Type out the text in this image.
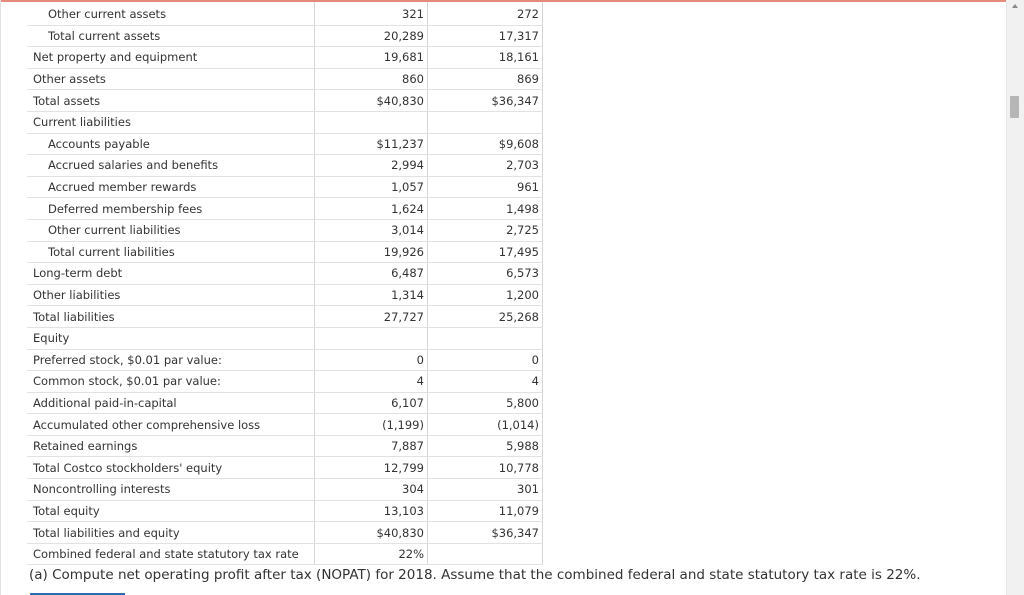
Other current assets	321	272
Total current assets	20,289	17,317
Net property and equipment	19,681	18,161
Other assets	860	869
Total assets	$40,830	$36,347
Current liabilities		
Accounts payable	$11,237	$9,608
Accrued salaries and benefits	2,994	2,703
Accrued member rewards	1,057	961
Deferred membership fees	1,624	1,498
Other current liabilities	3,014	2,725
Total current liabilities	19,926	17,495
Long-term debt	6,487	6,573
Other liabilities	1,314	1,200
Total liabilities	27,727	25,268
Equity		
Preferred stock, $0.01 par value:	0	0
Common stock, $0.01 par value:	4	4
Additional paid-in-capital	6,107	5,800
Accumulated other comprehensive loss	(1,199)	(1,014)
Retained earnings	7,887	5,988
Total Costco stockholders' equity	12,799	10,778
Noncontrolling interests	304	301
Total equity	13,103	11,079
Total liabilities and equity	$40,830	$36,347
Combined federal and state statutory tax rate	22%	
(a) Compute net operating profit after tax (NOPAT) for 2018. Assume that the combined federal and state statutory tax rate is 22%.
